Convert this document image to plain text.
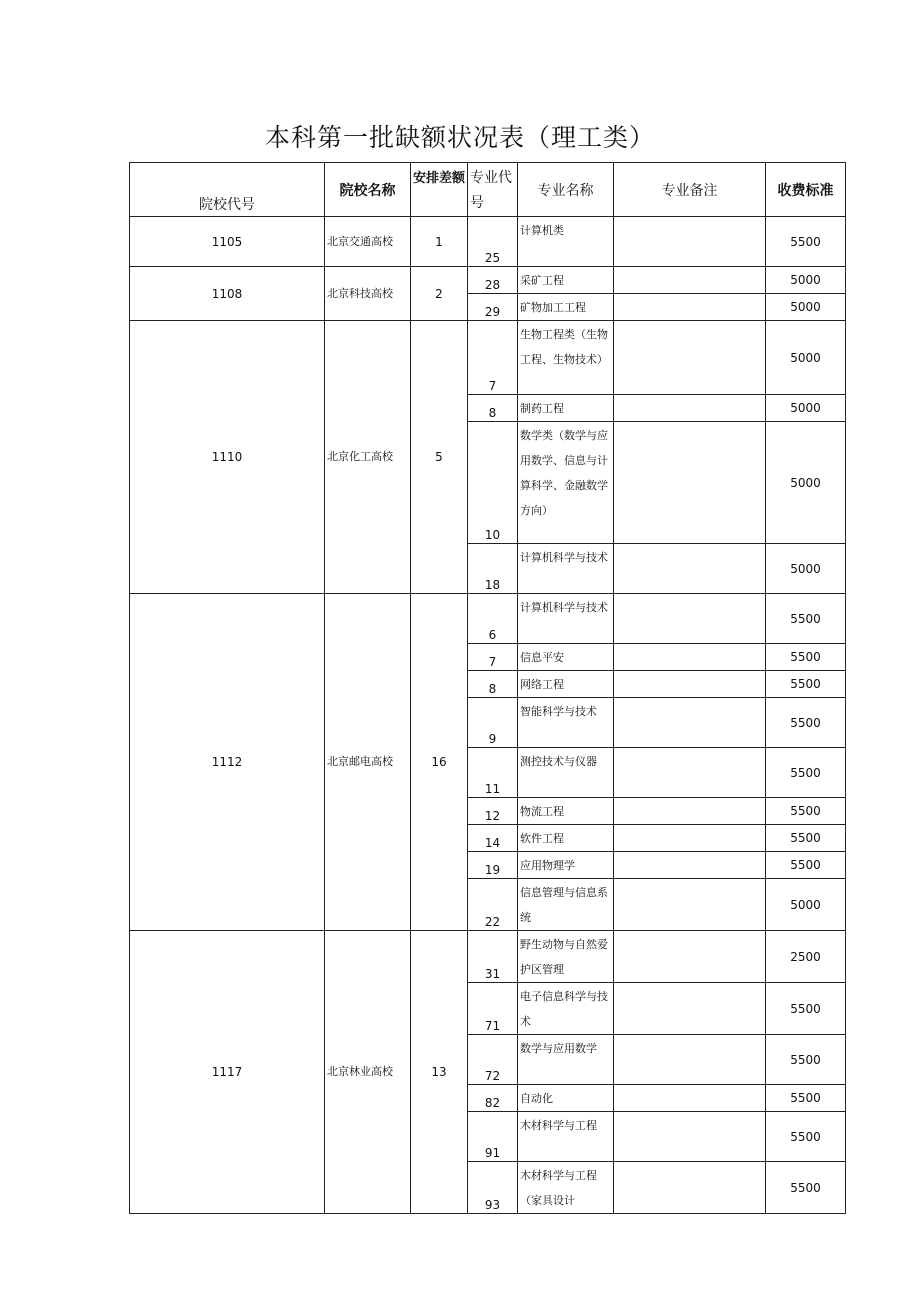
本科第一批缺额状况表（理工类）
院校代号	院校名称	安排差额	专业代号	专业名称	专业备注	收费标准
1105	北京交通高校	1	25	计算机类		5500
1108	北京科技高校	2	28	采矿工程		5000
			29	矿物加工工程		5000
1110	北京化工高校	5	7	生物工程类（生物工程、生物技术）		5000
			8	制药工程		5000
			10	数学类（数学与应用数学、信息与计算科学、金融数学方向）		5000
			18	计算机科学与技术		5000
1112	北京邮电高校	16	6	计算机科学与技术		5500
			7	信息平安		5500
			8	网络工程		5500
			9	智能科学与技术		5500
			11	测控技术与仪器		5500
			12	物流工程		5500
			14	软件工程		5500
			19	应用物理学		5500
			22	信息管理与信息系统		5000
1117	北京林业高校	13	31	野生动物与自然爱护区管理		2500
			71	电子信息科学与技术		5500
			72	数学与应用数学		5500
			82	自动化		5500
			91	木材科学与工程		5500
			93	木材科学与工程（家具设计		5500
